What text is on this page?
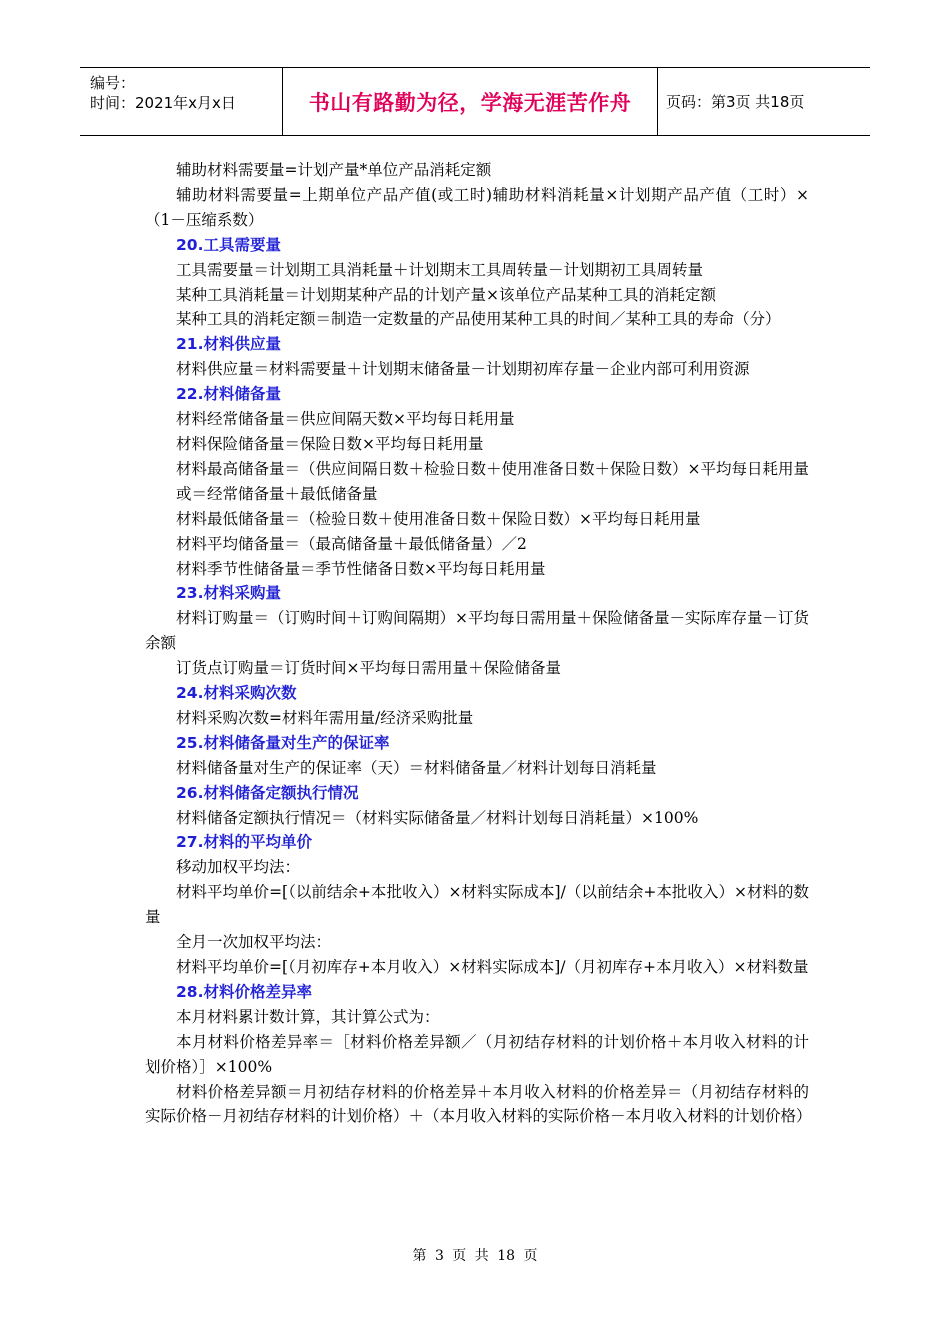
编号：
时间：2021年x月x日	书山有路勤为径，学海无涯苦作舟	页码：第3页 共18页

辅助材料需要量=计划产量*单位产品消耗定额

辅助材料需要量=上期单位产品产值(或工时)辅助材料消耗量×计划期产品产值（工时）×（1－压缩系数）

20.工具需要量

工具需要量＝计划期工具消耗量＋计划期末工具周转量－计划期初工具周转量

某种工具消耗量＝计划期某种产品的计划产量×该单位产品某种工具的消耗定额

某种工具的消耗定额＝制造一定数量的产品使用某种工具的时间／某种工具的寿命（分）

21.材料供应量

材料供应量＝材料需要量＋计划期末储备量－计划期初库存量－企业内部可利用资源

22.材料储备量

材料经常储备量＝供应间隔天数×平均每日耗用量

材料保险储备量＝保险日数×平均每日耗用量

材料最高储备量＝（供应间隔日数＋检验日数＋使用准备日数＋保险日数）×平均每日耗用量

或＝经常储备量＋最低储备量

材料最低储备量＝（检验日数＋使用准备日数＋保险日数）×平均每日耗用量

材料平均储备量＝（最高储备量＋最低储备量）／2

材料季节性储备量＝季节性储备日数×平均每日耗用量

23.材料采购量

材料订购量＝（订购时间＋订购间隔期）×平均每日需用量＋保险储备量－实际库存量－订货余额

订货点订购量＝订货时间×平均每日需用量＋保险储备量

24.材料采购次数

材料采购次数=材料年需用量/经济采购批量

25.材料储备量对生产的保证率

材料储备量对生产的保证率（天）＝材料储备量／材料计划每日消耗量

26.材料储备定额执行情况

材料储备定额执行情况＝（材料实际储备量／材料计划每日消耗量）×100%

27.材料的平均单价

移动加权平均法：

材料平均单价=[（以前结余+本批收入）×材料实际成本]/（以前结余+本批收入）×材料的数量

全月一次加权平均法：

材料平均单价=[（月初库存+本月收入）×材料实际成本]/（月初库存+本月收入）×材料数量

28.材料价格差异率

本月材料累计数计算，其计算公式为：

本月材料价格差异率＝［材料价格差异额／（月初结存材料的计划价格＋本月收入材料的计划价格）］×100%

材料价格差异额＝月初结存材料的价格差异＋本月收入材料的价格差异＝（月初结存材料的实际价格－月初结存材料的计划价格）＋（本月收入材料的实际价格－本月收入材料的计划价格）

第 3 页 共 18 页
